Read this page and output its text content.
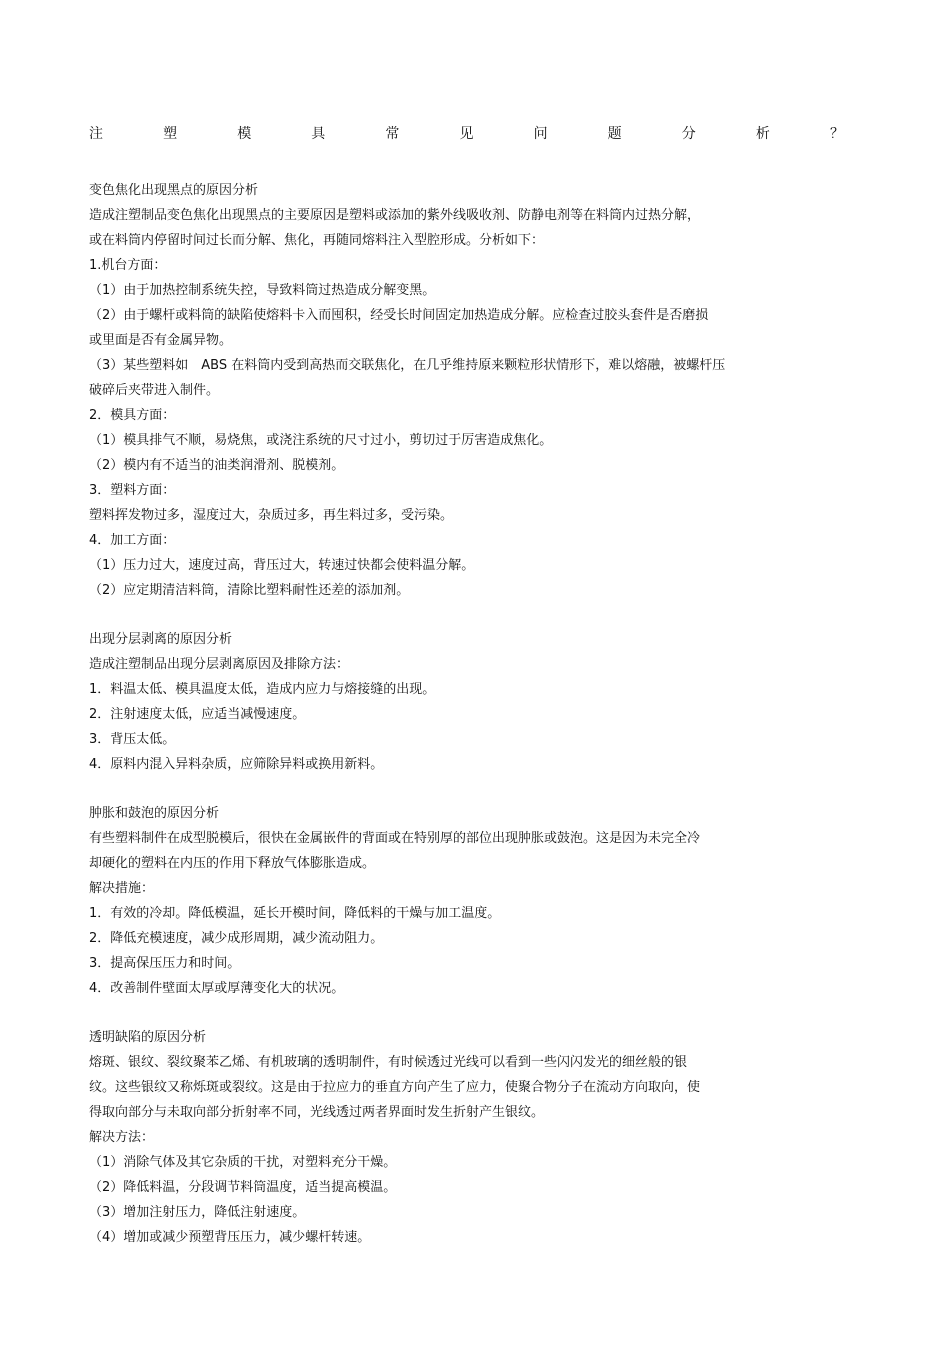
注	塑	模	具	常	见	问	题	分	析	？
变色焦化出现黑点的原因分析
造成注塑制品变色焦化出现黑点的主要原因是塑料或添加的紫外线吸收剂、防静电剂等在料筒内过热分解，
或在料筒内停留时间过长而分解、焦化，再随同熔料注入型腔形成。分析如下：
1.机台方面：
（1）由于加热控制系统失控，导致料筒过热造成分解变黑。
（2）由于螺杆或料筒的缺陷使熔料卡入而囤积，经受长时间固定加热造成分解。应检查过胶头套件是否磨损
或里面是否有金属异物。
（3）某些塑料如　ABS 在料筒内受到高热而交联焦化，在几乎维持原来颗粒形状情形下，难以熔融，被螺杆压
破碎后夹带进入制件。
2．模具方面：
（1）模具排气不顺，易烧焦，或浇注系统的尺寸过小，剪切过于厉害造成焦化。
（2）模内有不适当的油类润滑剂、脱模剂。
3．塑料方面：
塑料挥发物过多，湿度过大，杂质过多，再生料过多，受污染。
4．加工方面：
（1）压力过大，速度过高，背压过大，转速过快都会使料温分解。
（2）应定期清洁料筒，清除比塑料耐性还差的添加剂。
出现分层剥离的原因分析
造成注塑制品出现分层剥离原因及排除方法：
1．料温太低、模具温度太低，造成内应力与熔接缝的出现。
2．注射速度太低，应适当减慢速度。
3．背压太低。
4．原料内混入异料杂质，应筛除异料或换用新料。
肿胀和鼓泡的原因分析
有些塑料制件在成型脱模后，很快在金属嵌件的背面或在特别厚的部位出现肿胀或鼓泡。这是因为未完全冷
却硬化的塑料在内压的作用下释放气体膨胀造成。
解决措施：
1．有效的冷却。降低模温，延长开模时间，降低料的干燥与加工温度。
2．降低充模速度，减少成形周期，减少流动阻力。
3．提高保压压力和时间。
4．改善制件壁面太厚或厚薄变化大的状况。
透明缺陷的原因分析
熔斑、银纹、裂纹聚苯乙烯、有机玻璃的透明制件，有时候透过光线可以看到一些闪闪发光的细丝般的银
纹。这些银纹又称烁斑或裂纹。这是由于拉应力的垂直方向产生了应力，使聚合物分子在流动方向取向，使
得取向部分与未取向部分折射率不同，光线透过两者界面时发生折射产生银纹。
解决方法：
（1）消除气体及其它杂质的干扰，对塑料充分干燥。
（2）降低料温，分段调节料筒温度，适当提高模温。
（3）增加注射压力，降低注射速度。
（4）增加或减少预塑背压压力，减少螺杆转速。
